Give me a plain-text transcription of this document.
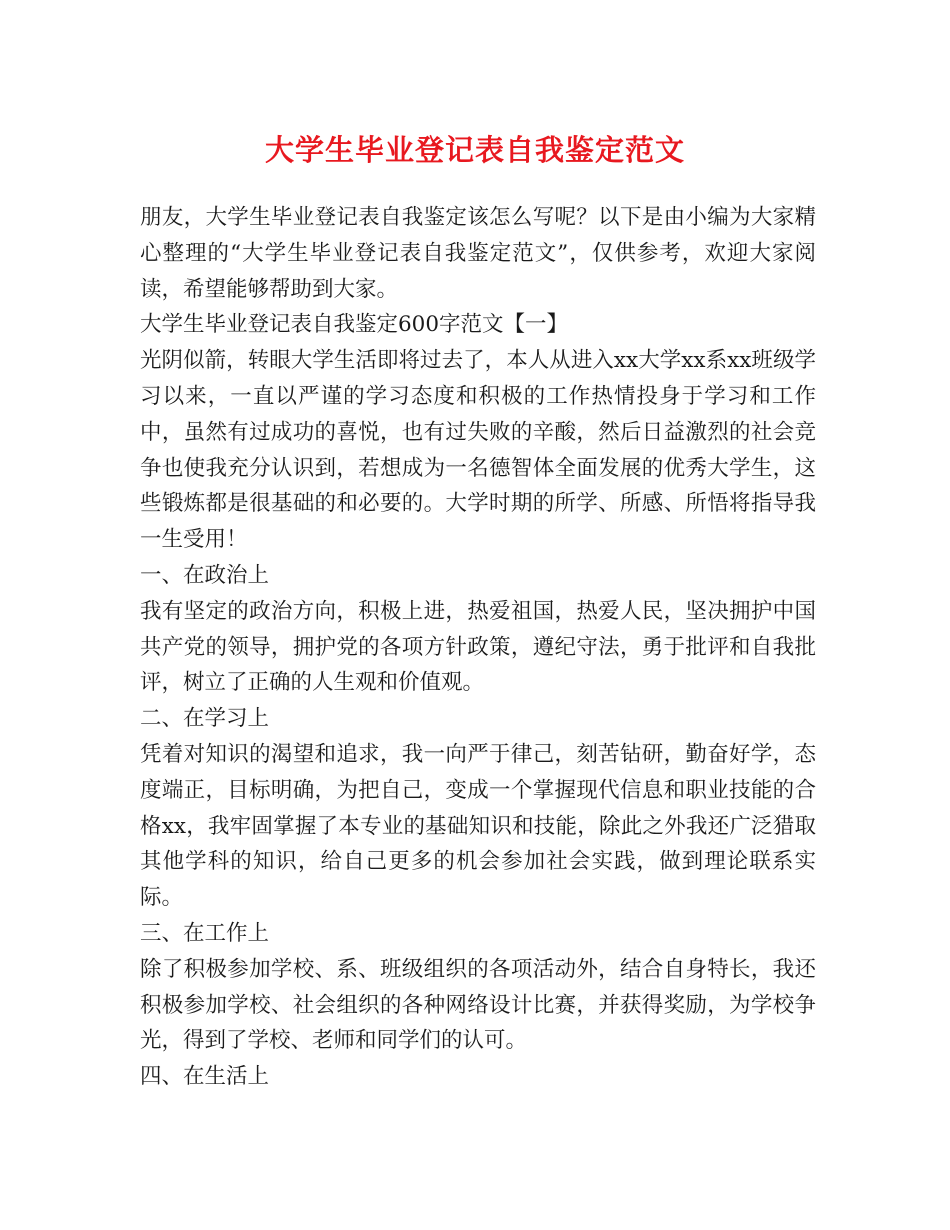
大学生毕业登记表自我鉴定范文

朋友，大学生毕业登记表自我鉴定该怎么写呢？以下是由小编为大家精心整理的“大学生毕业登记表自我鉴定范文”，仅供参考，欢迎大家阅读，希望能够帮助到大家。

大学生毕业登记表自我鉴定600字范文【一】

光阴似箭，转眼大学生活即将过去了，本人从进入xx大学xx系xx班级学习以来，一直以严谨的学习态度和积极的工作热情投身于学习和工作中，虽然有过成功的喜悦，也有过失败的辛酸，然后日益激烈的社会竞争也使我充分认识到，若想成为一名德智体全面发展的优秀大学生，这些锻炼都是很基础的和必要的。大学时期的所学、所感、所悟将指导我一生受用！

一、在政治上

我有坚定的政治方向，积极上进，热爱祖国，热爱人民，坚决拥护中国共产党的领导，拥护党的各项方针政策，遵纪守法，勇于批评和自我批评，树立了正确的人生观和价值观。

二、在学习上

凭着对知识的渴望和追求，我一向严于律己，刻苦钻研，勤奋好学，态度端正，目标明确，为把自己，变成一个掌握现代信息和职业技能的合格xx，我牢固掌握了本专业的基础知识和技能，除此之外我还广泛猎取其他学科的知识，给自己更多的机会参加社会实践，做到理论联系实际。

三、在工作上

除了积极参加学校、系、班级组织的各项活动外，结合自身特长，我还积极参加学校、社会组织的各种网络设计比赛，并获得奖励，为学校争光，得到了学校、老师和同学们的认可。

四、在生活上
